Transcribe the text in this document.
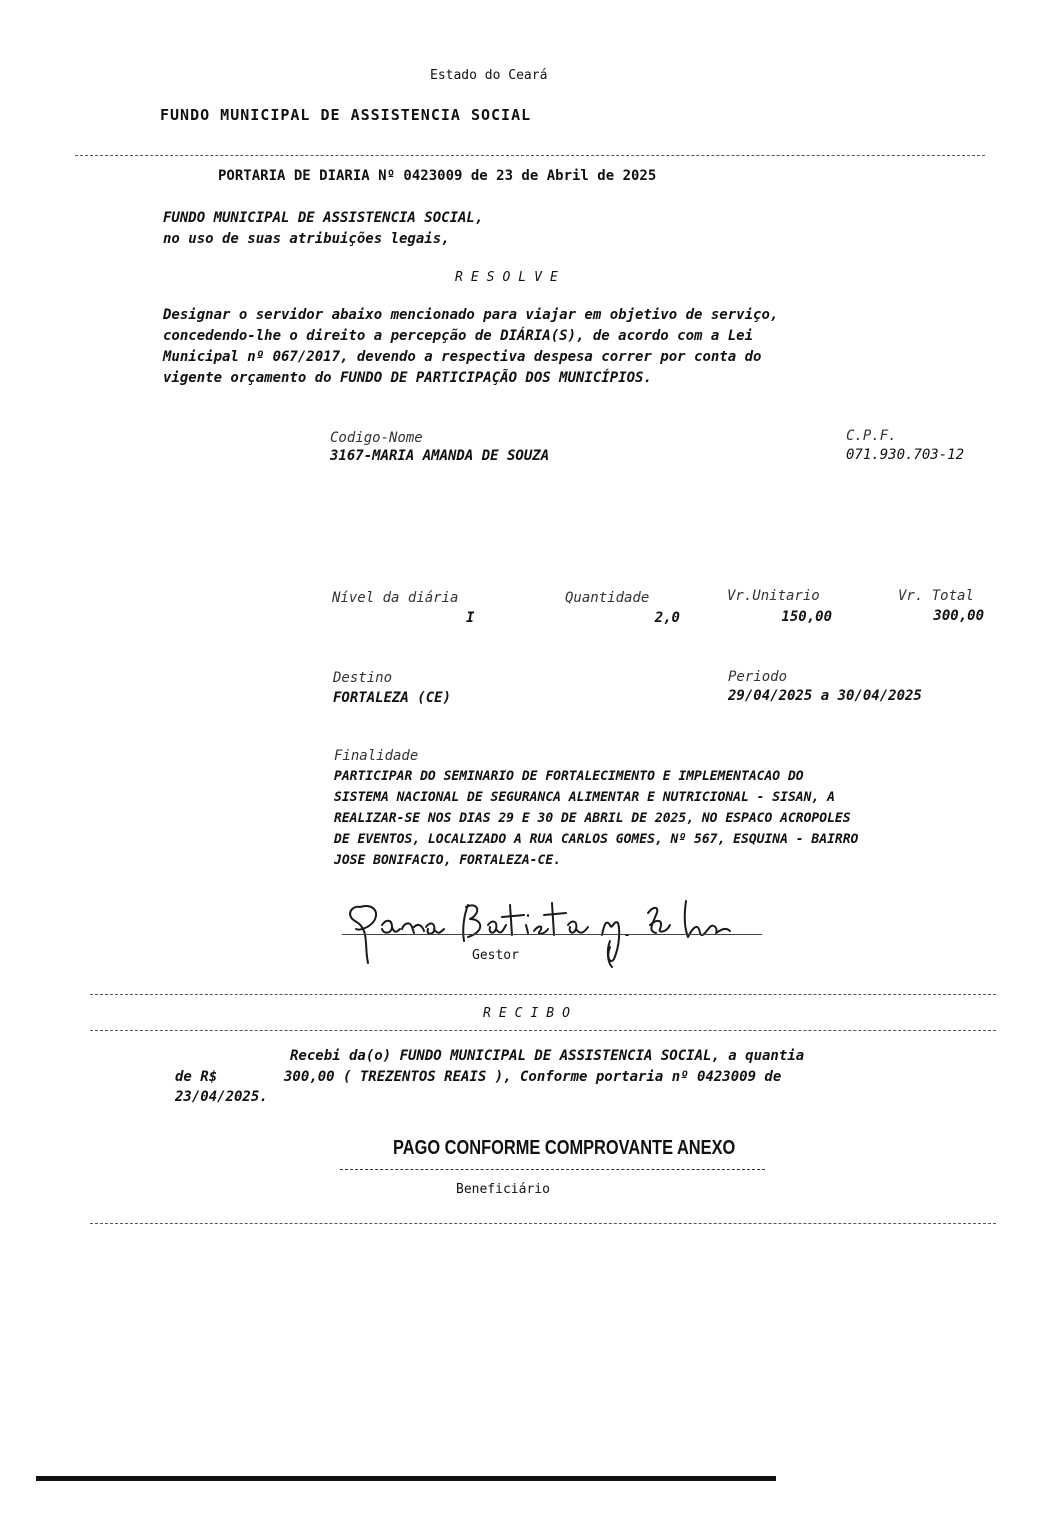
Estado do Ceará
FUNDO MUNICIPAL DE ASSISTENCIA SOCIAL
PORTARIA DE DIARIA Nº 0423009 de 23 de Abril de 2025
FUNDO MUNICIPAL DE ASSISTENCIA SOCIAL,
no uso de suas atribuições legais,
RESOLVE
Designar o servidor abaixo mencionado para viajar em objetivo de serviço,
concedendo-lhe o direito a percepção de DIÁRIA(S), de acordo com a Lei
Municipal nº 067/2017, devendo a respectiva despesa correr por conta do
vigente orçamento do FUNDO DE PARTICIPAÇÃO DOS MUNICÍPIOS.
Codigo-Nome
3167-MARIA AMANDA DE SOUZA
C.P.F.
071.930.703-12
Nível da diária
I
Quantidade
2,0
Vr.Unitario
150,00
Vr. Total
300,00
Destino
FORTALEZA (CE)
Periodo
29/04/2025 a 30/04/2025
Finalidade
PARTICIPAR DO SEMINARIO DE FORTALECIMENTO E IMPLEMENTACAO DO
SISTEMA NACIONAL DE SEGURANCA ALIMENTAR E NUTRICIONAL - SISAN, A
REALIZAR-SE NOS DIAS 29 E 30 DE ABRIL DE 2025, NO ESPACO ACROPOLES
DE EVENTOS, LOCALIZADO A RUA CARLOS GOMES, Nº 567, ESQUINA - BAIRRO
JOSE BONIFACIO, FORTALEZA-CE.
Gestor
RECIBO
Recebi da(o) FUNDO MUNICIPAL DE ASSISTENCIA SOCIAL, a quantia
de R$	300,00 ( TREZENTOS REAIS ), Conforme portaria nº 0423009 de
23/04/2025.
PAGO CONFORME COMPROVANTE ANEXO
Beneficiário
